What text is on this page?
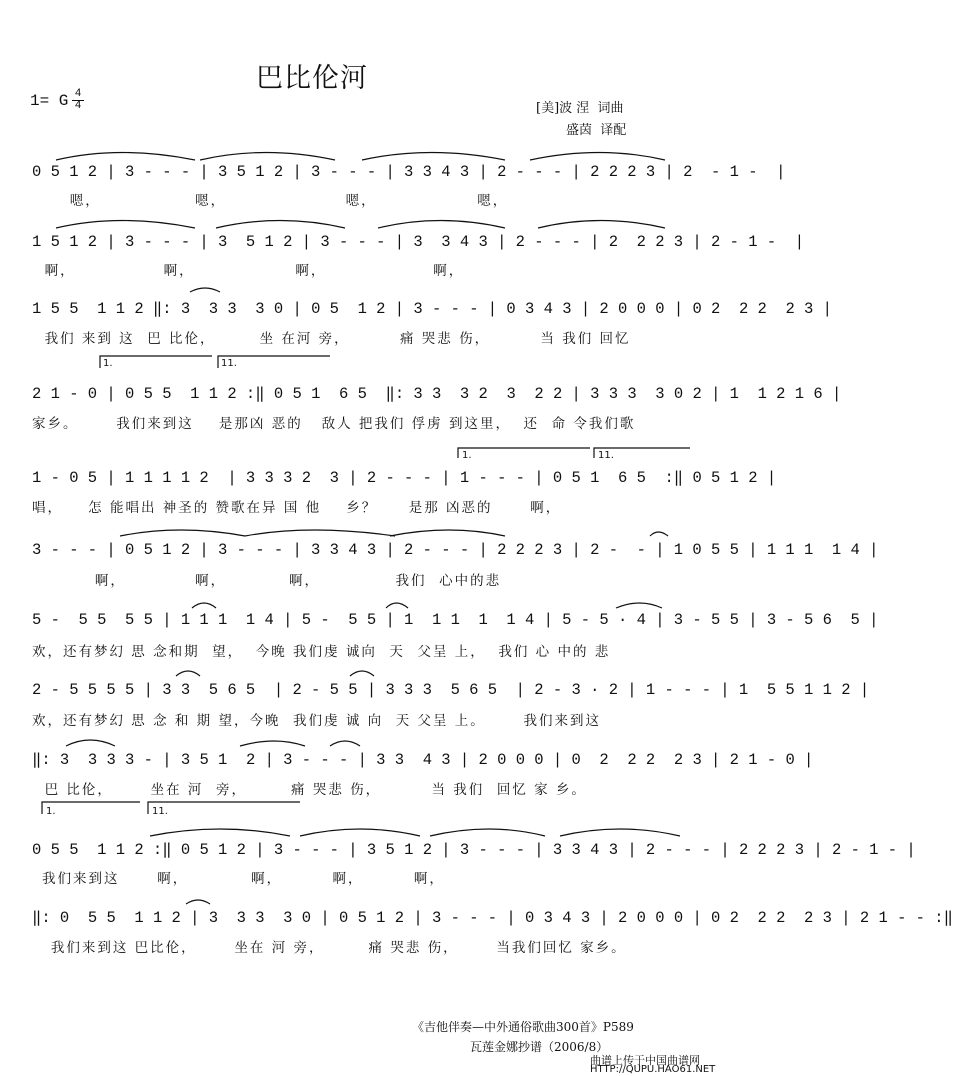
巴比伦河
1= G 4
4	[美]波 涅  词曲
盛茵  译配
0 5 1 2 | 3 - - - | 3 5 1 2 | 3 - - - | 3 3 4 3 | 2 - - - | 2 2 2 3 | 2  - 1 -  |
嗯，               嗯，                   嗯，                嗯，
1 5 1 2 | 3 - - - | 3  5 1 2 | 3 - - - | 3  3 4 3 | 2 - - - | 2  2 2 3 | 2 - 1 -  |
啊，              啊，                啊，                 啊，
1 5 5  1 1 2 ‖: 3  3 3  3 0 | 0 5  1 2 | 3 - - - | 0 3 4 3 | 2 0 0 0 | 0 2  2 2  2 3 |
我们 来到 这  巴 比伦，       坐 在河 旁，        痛 哭悲 伤，        当 我们 回忆
1.	11.
2 1 - 0 | 0 5 5  1 1 2 :‖ 0 5 1  6 5  ‖: 3 3  3 2  3  2 2 | 3 3 3  3 0 2 | 1  1 2 1 6 |
家乡。      我们来到这    是那凶 恶的   敌人 把我们 俘虏 到这里，  还  命 令我们歌
1.	11.
1 - 0 5 | 1 1 1 1 2  | 3 3 3 2  3 | 2 - - - | 1 - - - | 0 5 1  6 5  :‖ 0 5 1 2 |
唱，    怎 能唱出 神圣的 赞歌在异 国 他    乡？     是那 凶恶的      啊，
3 - - - | 0 5 1 2 | 3 - - - | 3 3 4 3 | 2 - - - | 2 2 2 3 | 2 -  - | 1 0 5 5 | 1 1 1  1 4 |
啊，           啊，          啊，            我们  心中的悲
5 -  5 5  5 5 | 1 1 1  1 4 | 5 -  5 5 | 1  1 1  1  1 4 | 5 - 5 · 4 | 3 - 5 5 | 3 - 5 6  5 |
欢，还有梦幻 思 念和期  望，  今晚 我们虔 诚向  天  父呈 上，  我们 心 中的 悲
2 - 5 5 5 5 | 3 3  5 6 5  | 2 - 5 5 | 3 3 3  5 6 5  | 2 - 3 · 2 | 1 - - - | 1  5 5 1 1 2 |
欢，还有梦幻 思 念 和 期 望，今晚  我们虔 诚 向  天 父呈 上。      我们来到这
‖: 3  3 3 3 - | 3 5 1  2 | 3 - - - | 3 3  4 3 | 2 0 0 0 | 0  2  2 2  2 3 | 2 1 - 0 |
巴 比伦，      坐在 河  旁，       痛 哭悲 伤，        当 我们  回忆 家 乡。
1.	11.
0 5 5  1 1 2 :‖ 0 5 1 2 | 3 - - - | 3 5 1 2 | 3 - - - | 3 3 4 3 | 2 - - - | 2 2 2 3 | 2 - 1 - |
我们来到这      啊，          啊，        啊，        啊，
‖: 0  5 5  1 1 2 | 3  3 3  3 0 | 0 5 1 2 | 3 - - - | 0 3 4 3 | 2 0 0 0 | 0 2  2 2  2 3 | 2 1 - - :‖
我们来到这 巴比伦，      坐在 河 旁，       痛 哭悲 伤，      当我们回忆 家乡。
《吉他伴奏—中外通俗歌曲300首》P589
瓦莲金娜抄谱（2006/8）
曲谱上传于中国曲谱网
HTTP://QUPU.HAO61.NET
